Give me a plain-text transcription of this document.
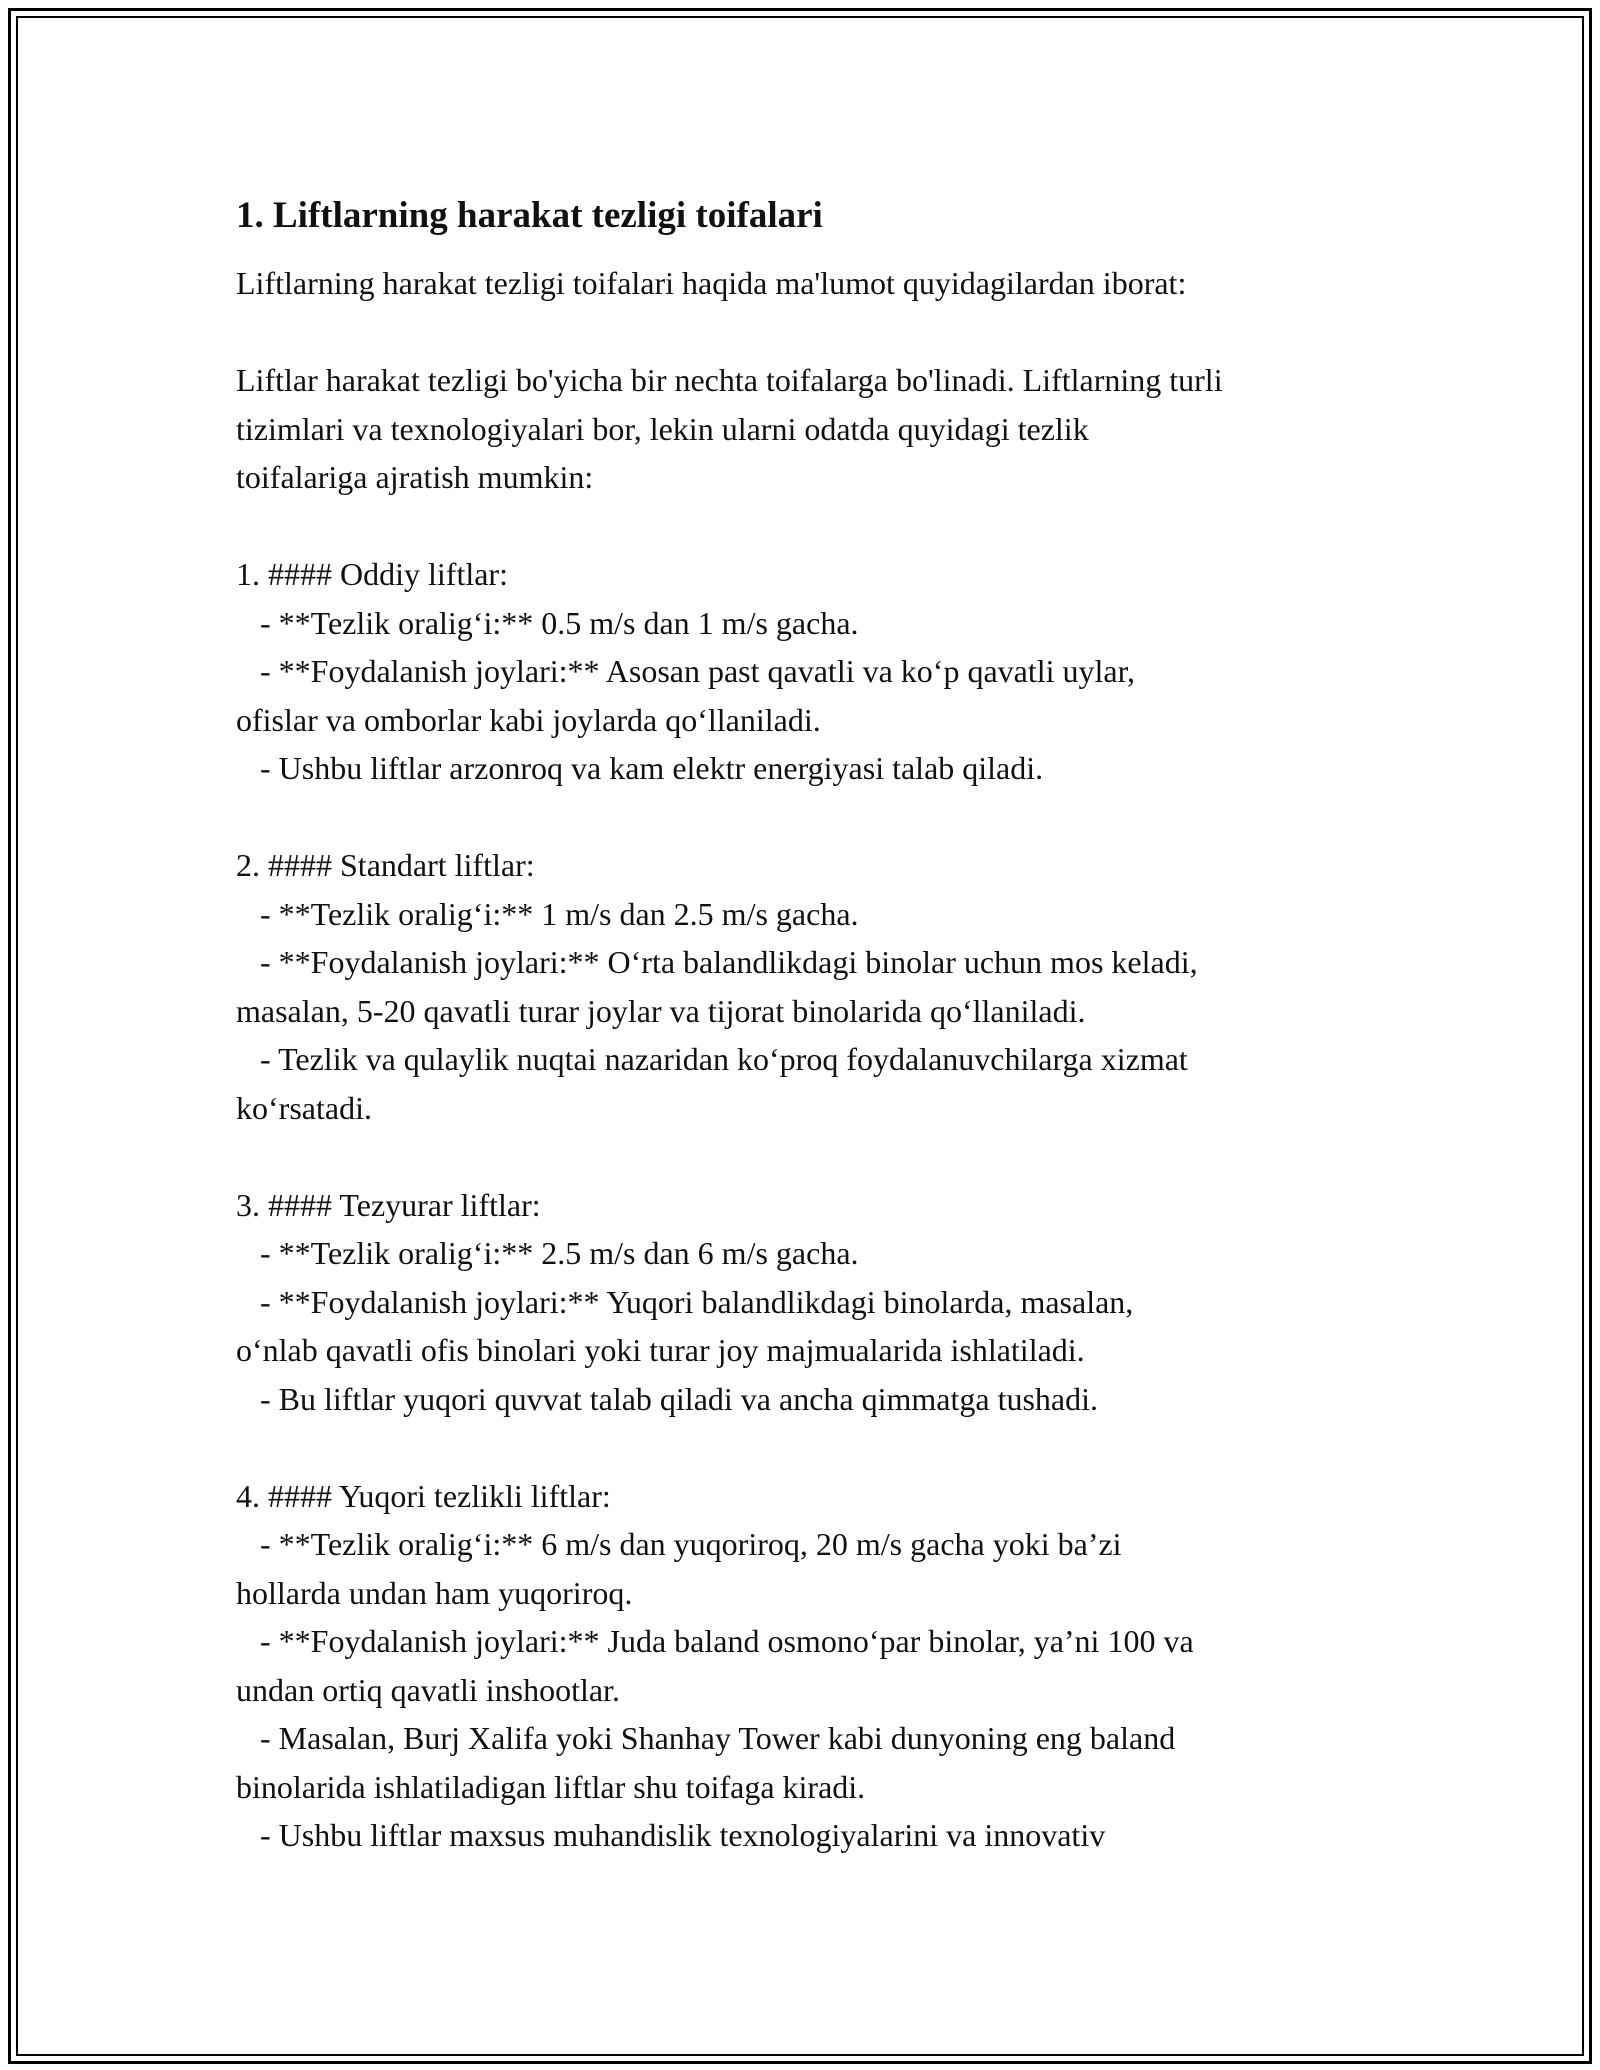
1. Liftlarning harakat tezligi toifalari
Liftlarning harakat tezligi toifalari haqida ma'lumot quyidagilardan iborat:

Liftlar harakat tezligi bo'yicha bir nechta toifalarga bo'linadi. Liftlarning turli
tizimlari va texnologiyalari bor, lekin ularni odatda quyidagi tezlik
toifalariga ajratish mumkin:

1. #### Oddiy liftlar:
- **Tezlik oralig‘i:** 0.5 m/s dan 1 m/s gacha.
- **Foydalanish joylari:** Asosan past qavatli va ko‘p qavatli uylar,
ofislar va omborlar kabi joylarda qo‘llaniladi.
- Ushbu liftlar arzonroq va kam elektr energiyasi talab qiladi.

2. #### Standart liftlar:
- **Tezlik oralig‘i:** 1 m/s dan 2.5 m/s gacha.
- **Foydalanish joylari:** O‘rta balandlikdagi binolar uchun mos keladi,
masalan, 5-20 qavatli turar joylar va tijorat binolarida qo‘llaniladi.
- Tezlik va qulaylik nuqtai nazaridan ko‘proq foydalanuvchilarga xizmat
ko‘rsatadi.

3. #### Tezyurar liftlar:
- **Tezlik oralig‘i:** 2.5 m/s dan 6 m/s gacha.
- **Foydalanish joylari:** Yuqori balandlikdagi binolarda, masalan,
o‘nlab qavatli ofis binolari yoki turar joy majmualarida ishlatiladi.
- Bu liftlar yuqori quvvat talab qiladi va ancha qimmatga tushadi.

4. #### Yuqori tezlikli liftlar:
- **Tezlik oralig‘i:** 6 m/s dan yuqoriroq, 20 m/s gacha yoki ba’zi
hollarda undan ham yuqoriroq.
- **Foydalanish joylari:** Juda baland osmono‘par binolar, ya’ni 100 va
undan ortiq qavatli inshootlar.
- Masalan, Burj Xalifa yoki Shanhay Tower kabi dunyoning eng baland
binolarida ishlatiladigan liftlar shu toifaga kiradi.
- Ushbu liftlar maxsus muhandislik texnologiyalarini va innovativ
